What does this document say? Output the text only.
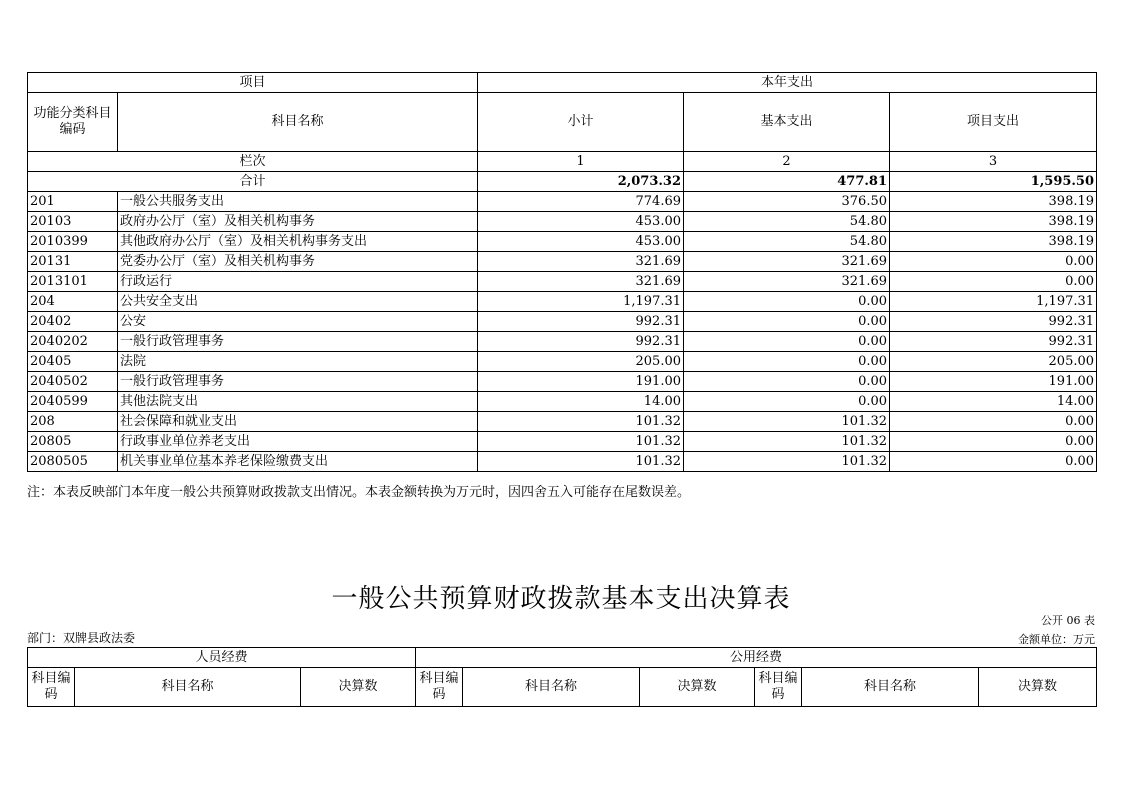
项目		本年支出		
功能分类科目编码	科目名称	小计	基本支出	项目支出
栏次		1	2	3
合计		2,073.32	477.81	1,595.50
201	一般公共服务支出	774.69	376.50	398.19
20103	政府办公厅（室）及相关机构事务	453.00	54.80	398.19
2010399	其他政府办公厅（室）及相关机构事务支出	453.00	54.80	398.19
20131	党委办公厅（室）及相关机构事务	321.69	321.69	0.00
2013101	行政运行	321.69	321.69	0.00
204	公共安全支出	1,197.31	0.00	1,197.31
20402	公安	992.31	0.00	992.31
2040202	一般行政管理事务	992.31	0.00	992.31
20405	法院	205.00	0.00	205.00
2040502	一般行政管理事务	191.00	0.00	191.00
2040599	其他法院支出	14.00	0.00	14.00
208	社会保障和就业支出	101.32	101.32	0.00
20805	行政事业单位养老支出	101.32	101.32	0.00
2080505	机关事业单位基本养老保险缴费支出	101.32	101.32	0.00
注：本表反映部门本年度一般公共预算财政拨款支出情况。本表金额转换为万元时，因四舍五入可能存在尾数误差。
一般公共预算财政拨款基本支出决算表
公开 06 表
部门：双牌县政法委	金额单位：万元
人员经费			公用经费					
科目编码	科目名称	决算数	科目编码	科目名称	决算数	科目编码	科目名称	决算数
